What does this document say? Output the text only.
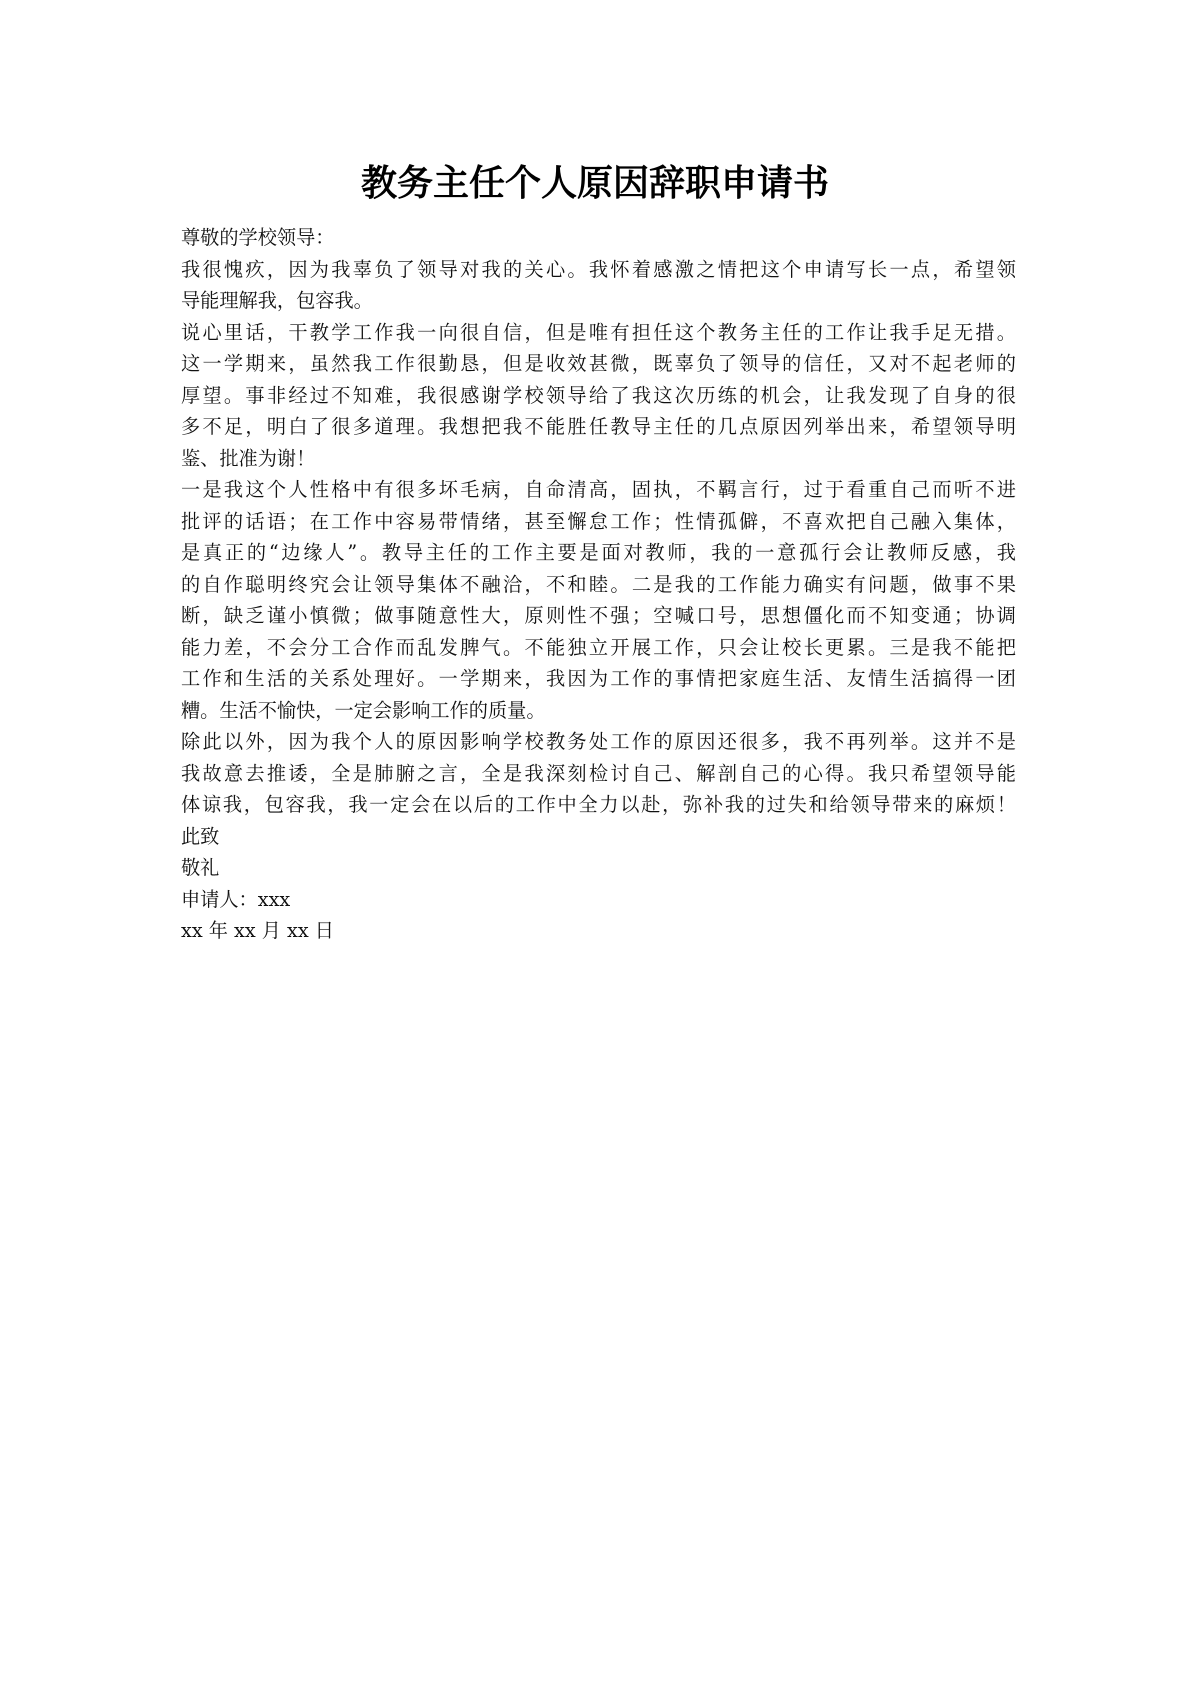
教务主任个人原因辞职申请书
尊敬的学校领导：
我很愧疚，因为我辜负了领导对我的关心。我怀着感激之情把这个申请写长一点，希望领
导能理解我，包容我。
说心里话，干教学工作我一向很自信，但是唯有担任这个教务主任的工作让我手足无措。
这一学期来，虽然我工作很勤恳，但是收效甚微，既辜负了领导的信任，又对不起老师的
厚望。事非经过不知难，我很感谢学校领导给了我这次历练的机会，让我发现了自身的很
多不足，明白了很多道理。我想把我不能胜任教导主任的几点原因列举出来，希望领导明
鉴、批准为谢！
一是我这个人性格中有很多坏毛病，自命清高，固执，不羁言行，过于看重自己而听不进
批评的话语；在工作中容易带情绪，甚至懈怠工作；性情孤僻，不喜欢把自己融入集体，
是真正的“边缘人”。教导主任的工作主要是面对教师，我的一意孤行会让教师反感，我
的自作聪明终究会让领导集体不融洽，不和睦。二是我的工作能力确实有问题，做事不果
断，缺乏谨小慎微；做事随意性大，原则性不强；空喊口号，思想僵化而不知变通；协调
能力差，不会分工合作而乱发脾气。不能独立开展工作，只会让校长更累。三是我不能把
工作和生活的关系处理好。一学期来，我因为工作的事情把家庭生活、友情生活搞得一团
糟。生活不愉快，一定会影响工作的质量。
除此以外，因为我个人的原因影响学校教务处工作的原因还很多，我不再列举。这并不是
我故意去推诿，全是肺腑之言，全是我深刻检讨自己、解剖自己的心得。我只希望领导能
体谅我，包容我，我一定会在以后的工作中全力以赴，弥补我的过失和给领导带来的麻烦！
此致
敬礼
申请人：xxx
xx 年 xx 月 xx 日
